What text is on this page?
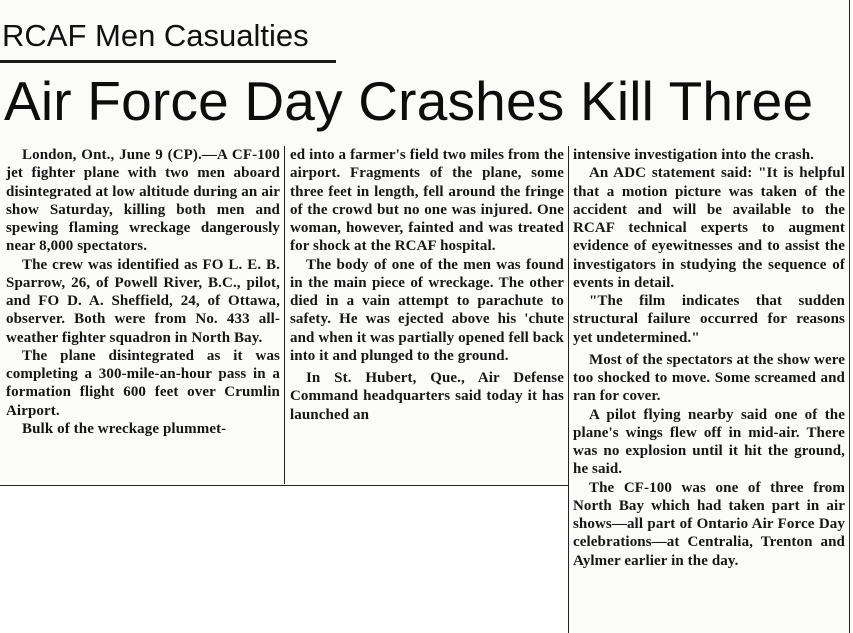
RCAF Men Casualties
Air Force Day Crashes Kill Three

London, Ont., June 9 (CP).—A CF-100 jet fighter plane with two men aboard disintegrated at low altitude during an air show Saturday, killing both men and spewing flaming wreckage dangerously near 8,000 spectators.

The crew was identified as FO L. E. B. Sparrow, 26, of Powell River, B.C., pilot, and FO D. A. Sheffield, 24, of Ottawa, observer. Both were from No. 433 all-weather fighter squadron in North Bay.

The plane disintegrated as it was completing a 300-mile-an-hour pass in a formation flight 600 feet over Crumlin Airport.

Bulk of the wreckage plummet-

ed into a farmer's field two miles from the airport. Fragments of the plane, some three feet in length, fell around the fringe of the crowd but no one was injured. One woman, however, fainted and was treated for shock at the RCAF hospital.

The body of one of the men was found in the main piece of wreckage. The other died in a vain attempt to parachute to safety. He was ejected above his 'chute and when it was partially opened fell back into it and plunged to the ground.

In St. Hubert, Que., Air Defense Command headquarters said today it has launched an

intensive investigation into the crash.

An ADC statement said: "It is helpful that a motion picture was taken of the accident and will be available to the RCAF technical experts to augment evidence of eyewitnesses and to assist the investigators in studying the sequence of events in detail.

"The film indicates that sudden structural failure occurred for reasons yet undetermined."

Most of the spectators at the show were too shocked to move. Some screamed and ran for cover.

A pilot flying nearby said one of the plane's wings flew off in mid-air. There was no explosion until it hit the ground, he said.

The CF-100 was one of three from North Bay which had taken part in air shows—all part of Ontario Air Force Day celebrations—at Centralia, Trenton and Aylmer earlier in the day.
